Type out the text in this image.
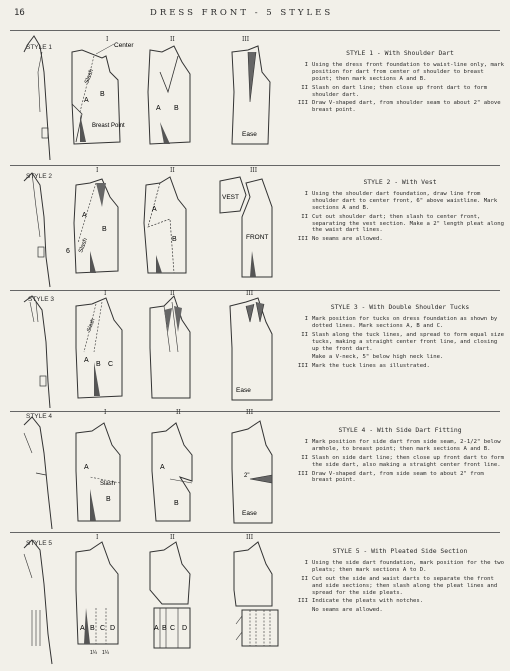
16	DRESS FRONT - 5 STYLES
Center
Slash
A
B
Breast Point
A B
Ease
STYLE 1
I	II	III
STYLE 1 - With Shoulder Dart
I Using the dress front foundation to waist-line only, mark position for dart from center of shoulder to breast point; then mark sections A and B.
II Slash on dart line; then close up front dart to form shoulder dart.
III Draw V-shaped dart, from shoulder seam to about 2" above breast point.
A
B
Slash
6
A
B
VEST
FRONT
STYLE 2
I	II	III
STYLE 2 - With Vest
I Using the shoulder dart foundation, draw line from shoulder dart to center front, 6" above waistline. Mark sections A and B.
II Cut out shoulder dart; then slash to center front, separating the vest section. Make a 2" length pleat along the waist dart lines.
III No seams are allowed.
A
B C
Slash
Ease
STYLE 3
I	II	III
STYLE 3 - With Double Shoulder Tucks
I Mark position for tucks on dress foundation as shown by dotted lines. Mark sections A, B and C.
II Slash along the tuck lines, and spread to form equal size tucks, making a straight center front line, and closing up the front dart.
Make a V-neck, 5" below high neck line.
III Mark the tuck lines as illustrated.
A
B
Slash
A
B
2"
Ease
STYLE 4
I	II	III
STYLE 4 - With Side Dart Fitting
I Mark position for side dart from side seam, 2-1/2" below armhole, to breast point; then mark sections A and B.
II Slash on side dart line; then close up front dart to form the side dart, also making a straight center front line.
III Draw V-shaped dart, from side seam to about 2" from breast point.
A B C D
1¼ 1¼
A B C D
STYLE 5
I	II	III
STYLE 5 - With Pleated Side Section
I Using the side dart foundation, mark position for the two pleats; then mark sections A to D.
II Cut out the side and waist darts to separate the front and side sections; then slash along the pleat lines and spread for the side pleats.
III Indicate the pleats with notches.
No seams are allowed.
